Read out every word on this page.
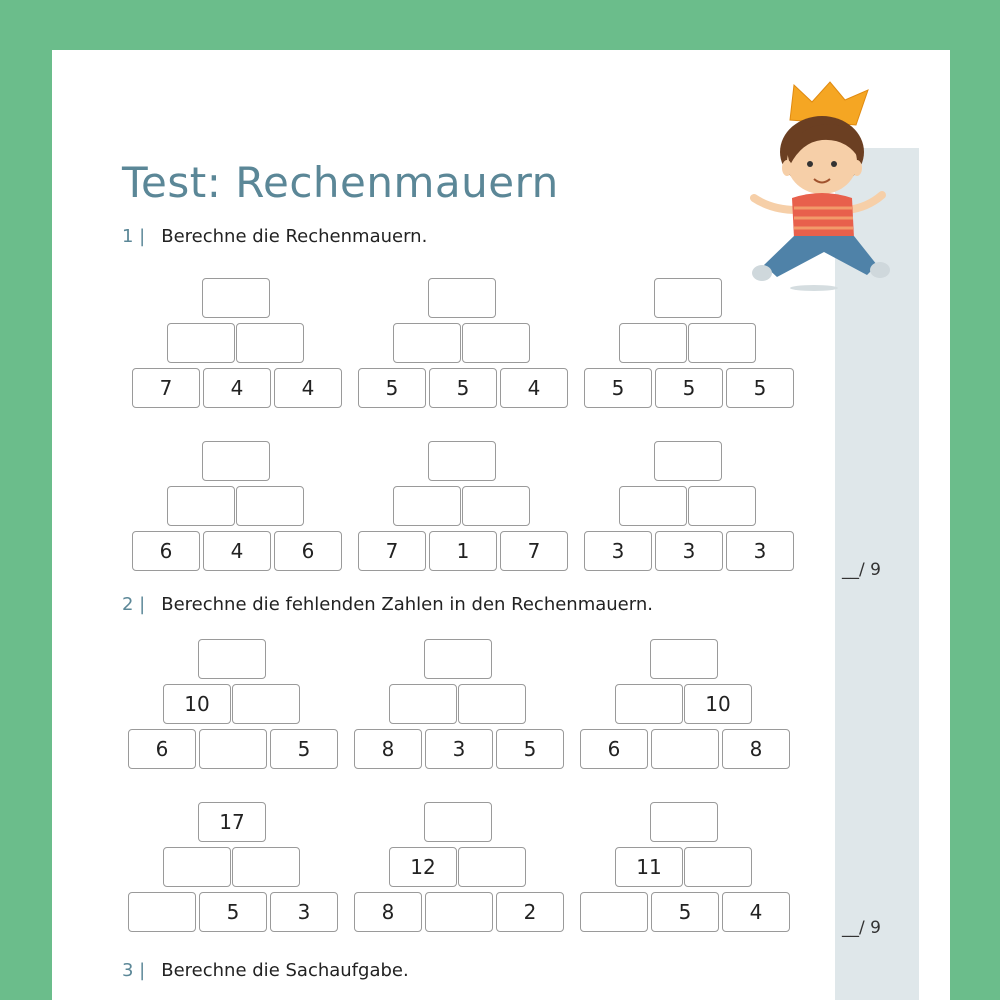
Test: Rechenmauern
1 | Berechne die Rechenmauern.
2 | Berechne die fehlenden Zahlen in den Rechenmauern.
3 | Berechne die Sachaufgabe.
__/ 9
__/ 9
7	4	4	5	5	4	5	5	5
6	4	6	7	1	7	3	3	3
10
6	5	8	3	5
10
6	8
17
5	3
12
8	2
11
5	4
